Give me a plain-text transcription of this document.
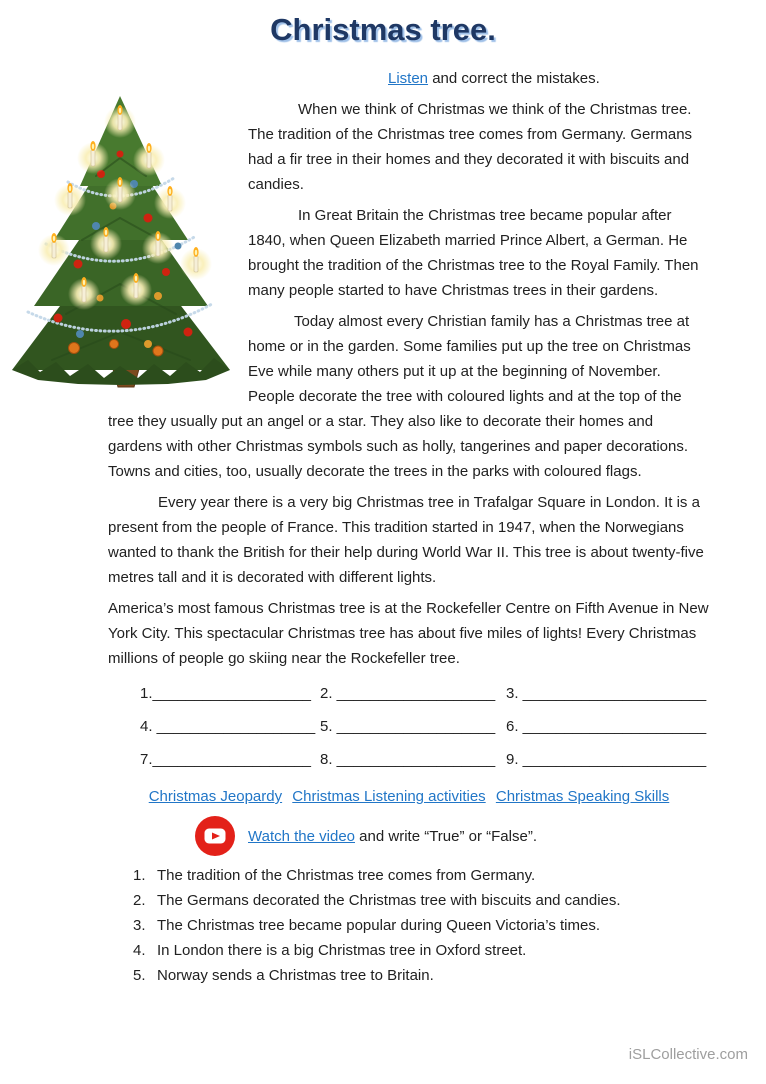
Christmas tree.

Listen and correct the mistakes.

When we think of Christmas we think of the Christmas tree. The tradition of the Christmas tree comes from Germany. Germans had a fir tree in their homes and they decorated it with biscuits and candies.

In Great Britain the Christmas tree became popular after 1840, when Queen Elizabeth married Prince Albert, a German. He brought the tradition of the Christmas tree to the Royal Family. Then many people started to have Christmas trees in their gardens.

Today almost every Christian family has a Christmas tree at home or in the garden. Some families put up the tree on Christmas Eve while many others put it up at the beginning of November. People decorate the tree with coloured lights and at the top of the tree they usually put an angel or a star. They also like to decorate their homes and gardens with other Christmas symbols such as holly, tangerines and paper decorations. Towns and cities, too, usually decorate the trees in the parks with coloured flags.

Every year there is a very big Christmas tree in Trafalgar Square in London. It is a present from the people of France. This tradition started in 1947, when the Norwegians wanted to thank the British for their help during World War II. This tree is about twenty-five metres tall and it is decorated with different lights.

America’s most famous Christmas tree is at the Rockefeller Centre on Fifth Avenue in New York City. This spectacular Christmas tree has about five miles of lights! Every Christmas millions of people go skiing near the Rockefeller tree.

1.___________________ 2. ___________________ 3. ______________________
4. ___________________ 5. ___________________ 6. ______________________
7.___________________ 8. ___________________ 9. ______________________
Christmas Jeopardy Christmas Listening activities Christmas Speaking Skills
Watch the video and write “True” or “False”.
1. The tradition of the Christmas tree comes from Germany.
2. The Germans decorated the Christmas tree with biscuits and candies.
3. The Christmas tree became popular during Queen Victoria’s times.
4. In London there is a big Christmas tree in Oxford street.
5. Norway sends a Christmas tree to Britain.
iSLCollective.com
